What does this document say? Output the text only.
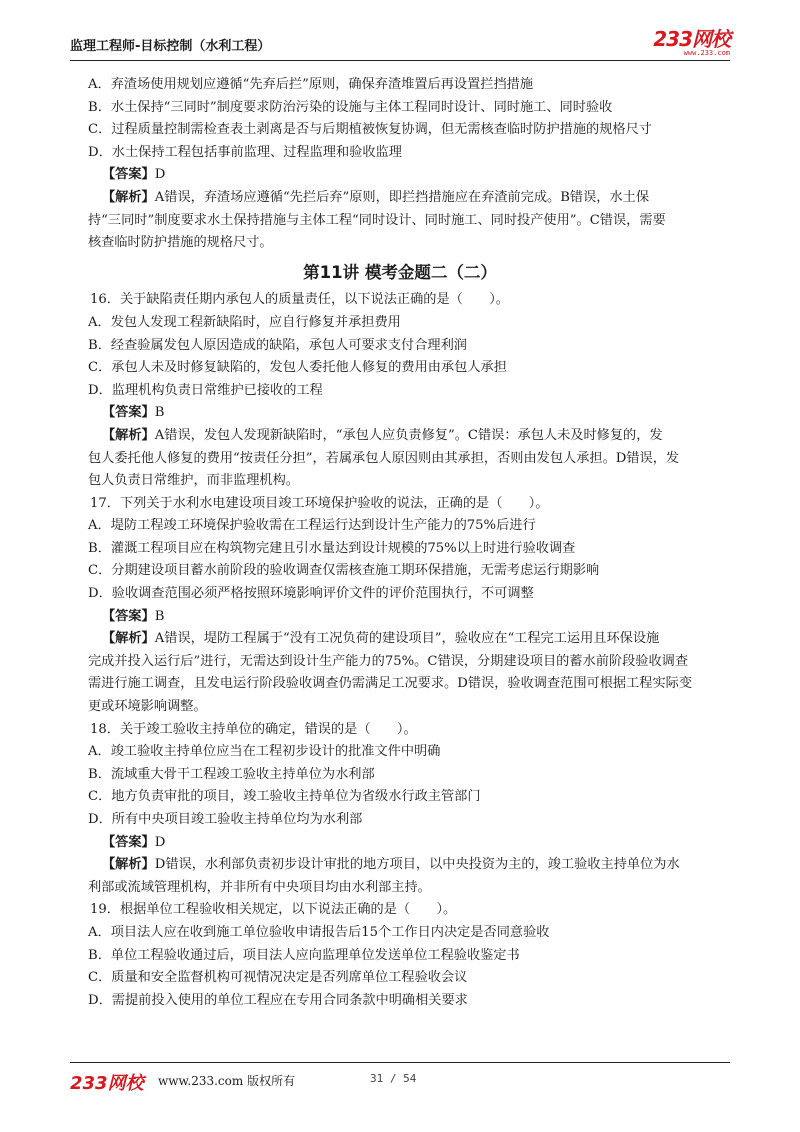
监理工程师-目标控制（水利工程）	233网校
www.233.com

A．弃渣场使用规划应遵循“先弃后拦”原则，确保弃渣堆置后再设置拦挡措施

B．水土保持“三同时”制度要求防治污染的设施与主体工程同时设计、同时施工、同时验收

C．过程质量控制需检查表土剥离是否与后期植被恢复协调，但无需核查临时防护措施的规格尺寸

D．水土保持工程包括事前监理、过程监理和验收监理

【答案】D

【解析】A错误，弃渣场应遵循“先拦后弃”原则，即拦挡措施应在弃渣前完成。B错误，水土保

持“三同时”制度要求水土保持措施与主体工程“同时设计、同时施工、同时投产使用”。C错误，需要

核查临时防护措施的规格尺寸。

第11讲 模考金题二（二）

16．关于缺陷责任期内承包人的质量责任，以下说法正确的是（　　）。

A．发包人发现工程新缺陷时，应自行修复并承担费用

B．经查验属发包人原因造成的缺陷，承包人可要求支付合理利润

C．承包人未及时修复缺陷的，发包人委托他人修复的费用由承包人承担

D．监理机构负责日常维护已接收的工程

【答案】B

【解析】A错误，发包人发现新缺陷时，“承包人应负责修复”。C错误：承包人未及时修复的，发

包人委托他人修复的费用“按责任分担”，若属承包人原因则由其承担，否则由发包人承担。D错误，发

包人负责日常维护，而非监理机构。

17．下列关于水利水电建设项目竣工环境保护验收的说法，正确的是（　　）。

A．堤防工程竣工环境保护验收需在工程运行达到设计生产能力的75%后进行

B．灌溉工程项目应在构筑物完建且引水量达到设计规模的75%以上时进行验收调查

C．分期建设项目蓄水前阶段的验收调查仅需核查施工期环保措施，无需考虑运行期影响

D．验收调查范围必须严格按照环境影响评价文件的评价范围执行，不可调整

【答案】B

【解析】A错误，堤防工程属于“没有工况负荷的建设项目”，验收应在“工程完工运用且环保设施

完成并投入运行后”进行，无需达到设计生产能力的75%。C错误，分期建设项目的蓄水前阶段验收调查

需进行施工调查，且发电运行阶段验收调查仍需满足工况要求。D错误，验收调查范围可根据工程实际变

更或环境影响调整。

18．关于竣工验收主持单位的确定，错误的是（　　）。

A．竣工验收主持单位应当在工程初步设计的批准文件中明确

B．流域重大骨干工程竣工验收主持单位为水利部

C．地方负责审批的项目，竣工验收主持单位为省级水行政主管部门

D．所有中央项目竣工验收主持单位均为水利部

【答案】D

【解析】D错误，水利部负责初步设计审批的地方项目，以中央投资为主的，竣工验收主持单位为水

利部或流域管理机构，并非所有中央项目均由水利部主持。

19．根据单位工程验收相关规定，以下说法正确的是（　　）。

A．项目法人应在收到施工单位验收申请报告后15个工作日内决定是否同意验收

B．单位工程验收通过后，项目法人应向监理单位发送单位工程验收鉴定书

C．质量和安全监督机构可视情况决定是否列席单位工程验收会议

D．需提前投入使用的单位工程应在专用合同条款中明确相关要求

233网校 www.233.com 版权所有	31 / 54
